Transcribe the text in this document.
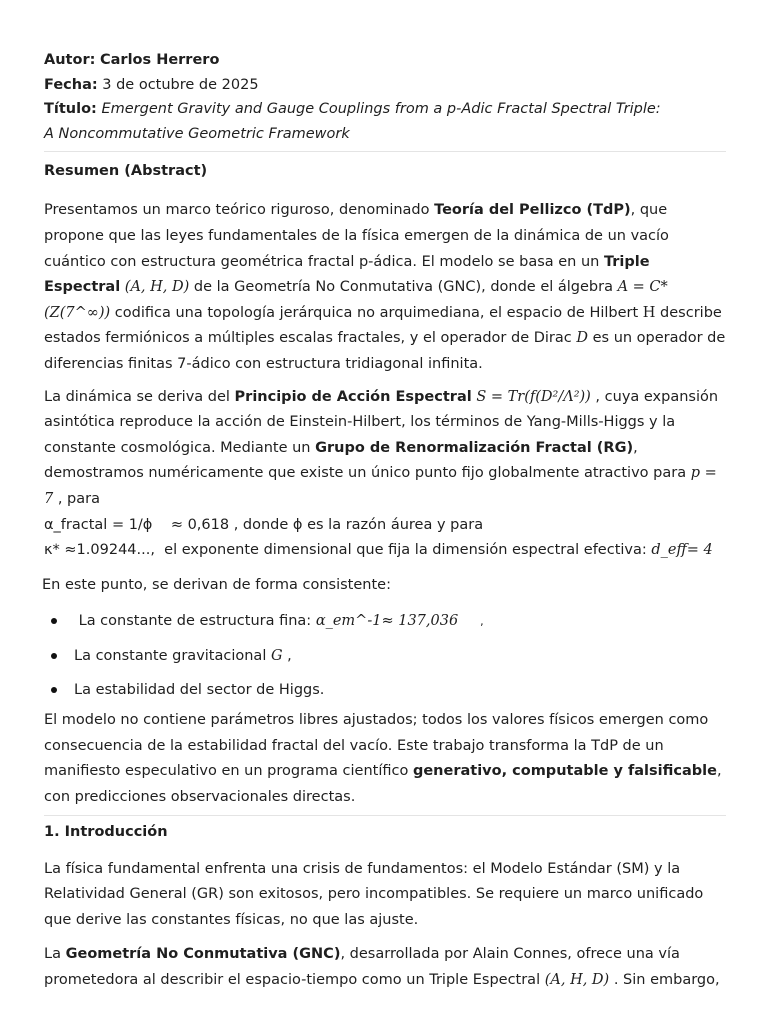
Autor: Carlos Herrero
Fecha: 3 de octubre de 2025
Título: Emergent Gravity and Gauge Couplings from a p-Adic Fractal Spectral Triple:
A Noncommutative Geometric Framework
Resumen (Abstract)

Presentamos un marco teórico riguroso, denominado Teoría del Pellizco (TdP), que propone que las leyes fundamentales de la física emergen de la dinámica de un vacío cuántico con estructura geométrica fractal p-ádica. El modelo se basa en un Triple Espectral (A, H, D) de la Geometría No Conmutativa (GNC), donde el álgebra A = C*(Z(7^∞)) codifica una topología jerárquica no arquimediana, el espacio de Hilbert H describe estados fermiónicos a múltiples escalas fractales, y el operador de Dirac D es un operador de diferencias finitas 7-ádico con estructura tridiagonal infinita.

La dinámica se deriva del Principio de Acción Espectral S = Tr(f(D²/Λ²)) , cuya expansión asintótica reproduce la acción de Einstein-Hilbert, los términos de Yang-Mills-Higgs y la constante cosmológica. Mediante un Grupo de Renormalización Fractal (RG), demostramos numéricamente que existe un único punto fijo globalmente atractivo para p = 7 , para
α_fractal = 1/ϕ ≈ 0,618 , donde ϕ es la razón áurea y para
κ* ≈1.09244..., el exponente dimensional que fija la dimensión espectral efectiva: d_eff= 4

En este punto, se derivan de forma consistente:

La constante de estructura fina: α_em^-1≈ 137,036     ,
La constante gravitacional G ,
La estabilidad del sector de Higgs.

El modelo no contiene parámetros libres ajustados; todos los valores físicos emergen como consecuencia de la estabilidad fractal del vacío. Este trabajo transforma la TdP de un manifiesto especulativo en un programa científico generativo, computable y falsificable, con predicciones observacionales directas.

1. Introducción

La física fundamental enfrenta una crisis de fundamentos: el Modelo Estándar (SM) y la Relatividad General (GR) son exitosos, pero incompatibles. Se requiere un marco unificado que derive las constantes físicas, no que las ajuste.

La Geometría No Conmutativa (GNC), desarrollada por Alain Connes, ofrece una vía prometedora al describir el espacio-tiempo como un Triple Espectral (A, H, D) . Sin embargo,
